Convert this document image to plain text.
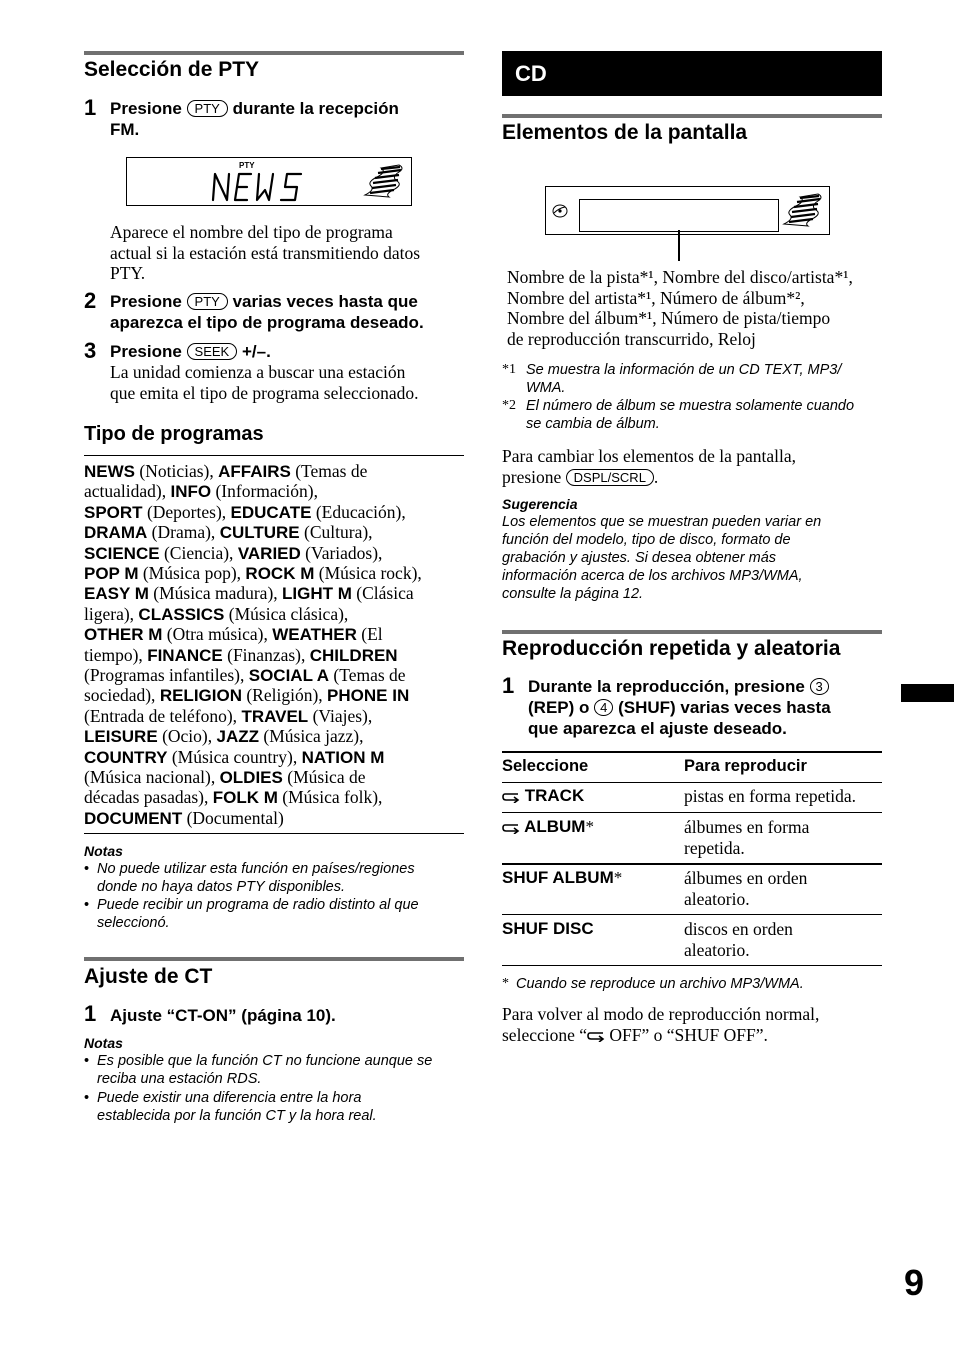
Selección de PTY
1 Presione PTY durante la recepción
FM.
PTY
Aparece el nombre del tipo de programa
actual si la estación está transmitiendo datos
PTY.
2 Presione PTY varias veces hasta que
aparezca el tipo de programa deseado.
3 Presione SEEK +/–.
La unidad comienza a buscar una estación
que emita el tipo de programa seleccionado.
Tipo de programas
NEWS (Noticias), AFFAIRS (Temas de
actualidad), INFO (Información),
SPORT (Deportes), EDUCATE (Educación),
DRAMA (Drama), CULTURE (Cultura),
SCIENCE (Ciencia), VARIED (Variados),
POP M (Música pop), ROCK M (Música rock),
EASY M (Música madura), LIGHT M (Clásica
ligera), CLASSICS (Música clásica),
OTHER M (Otra música), WEATHER (El
tiempo), FINANCE (Finanzas), CHILDREN
(Programas infantiles), SOCIAL A (Temas de
sociedad), RELIGION (Religión), PHONE IN
(Entrada de teléfono), TRAVEL (Viajes),
LEISURE (Ocio), JAZZ (Música jazz),
COUNTRY (Música country), NATION M
(Música nacional), OLDIES (Música de
décadas pasadas), FOLK M (Música folk),
DOCUMENT (Documental)
Notas
• No puede utilizar esta función en países/regiones
donde no haya datos PTY disponibles.
• Puede recibir un programa de radio distinto al que
seleccionó.
Ajuste de CT
1 Ajuste “CT-ON” (página 10).
Notas
• Es posible que la función CT no funcione aunque se
reciba una estación RDS.
• Puede existir una diferencia entre la hora
establecida por la función CT y la hora real.
CD
Elementos de la pantalla
Nombre de la pista*¹, Nombre del disco/artista*¹,
Nombre del artista*¹, Número de álbum*²,
Nombre del álbum*¹, Número de pista/tiempo
de reproducción transcurrido, Reloj
*1 Se muestra la información de un CD TEXT, MP3/
WMA.
*2 El número de álbum se muestra solamente cuando
se cambia de álbum.
Para cambiar los elementos de la pantalla,
presione DSPL/SCRL .
Sugerencia
Los elementos que se muestran pueden variar en
función del modelo, tipo de disco, formato de
grabación y ajustes. Si desea obtener más
información acerca de los archivos MP3/WMA,
consulte la página 12.
Reproducción repetida y aleatoria
1 Durante la reproducción, presione 3
(REP) o 4 (SHUF) varias veces hasta
que aparezca el ajuste deseado.
Seleccione	Para reproducir
TRACK	pistas en forma repetida.
ALBUM*	álbumes en forma
repetida.
SHUF ALBUM*	álbumes en orden
aleatorio.
SHUF DISC	discos en orden
aleatorio.
* Cuando se reproduce un archivo MP3/WMA.
Para volver al modo de reproducción normal,
seleccione “ OFF” o “SHUF OFF”.
9
